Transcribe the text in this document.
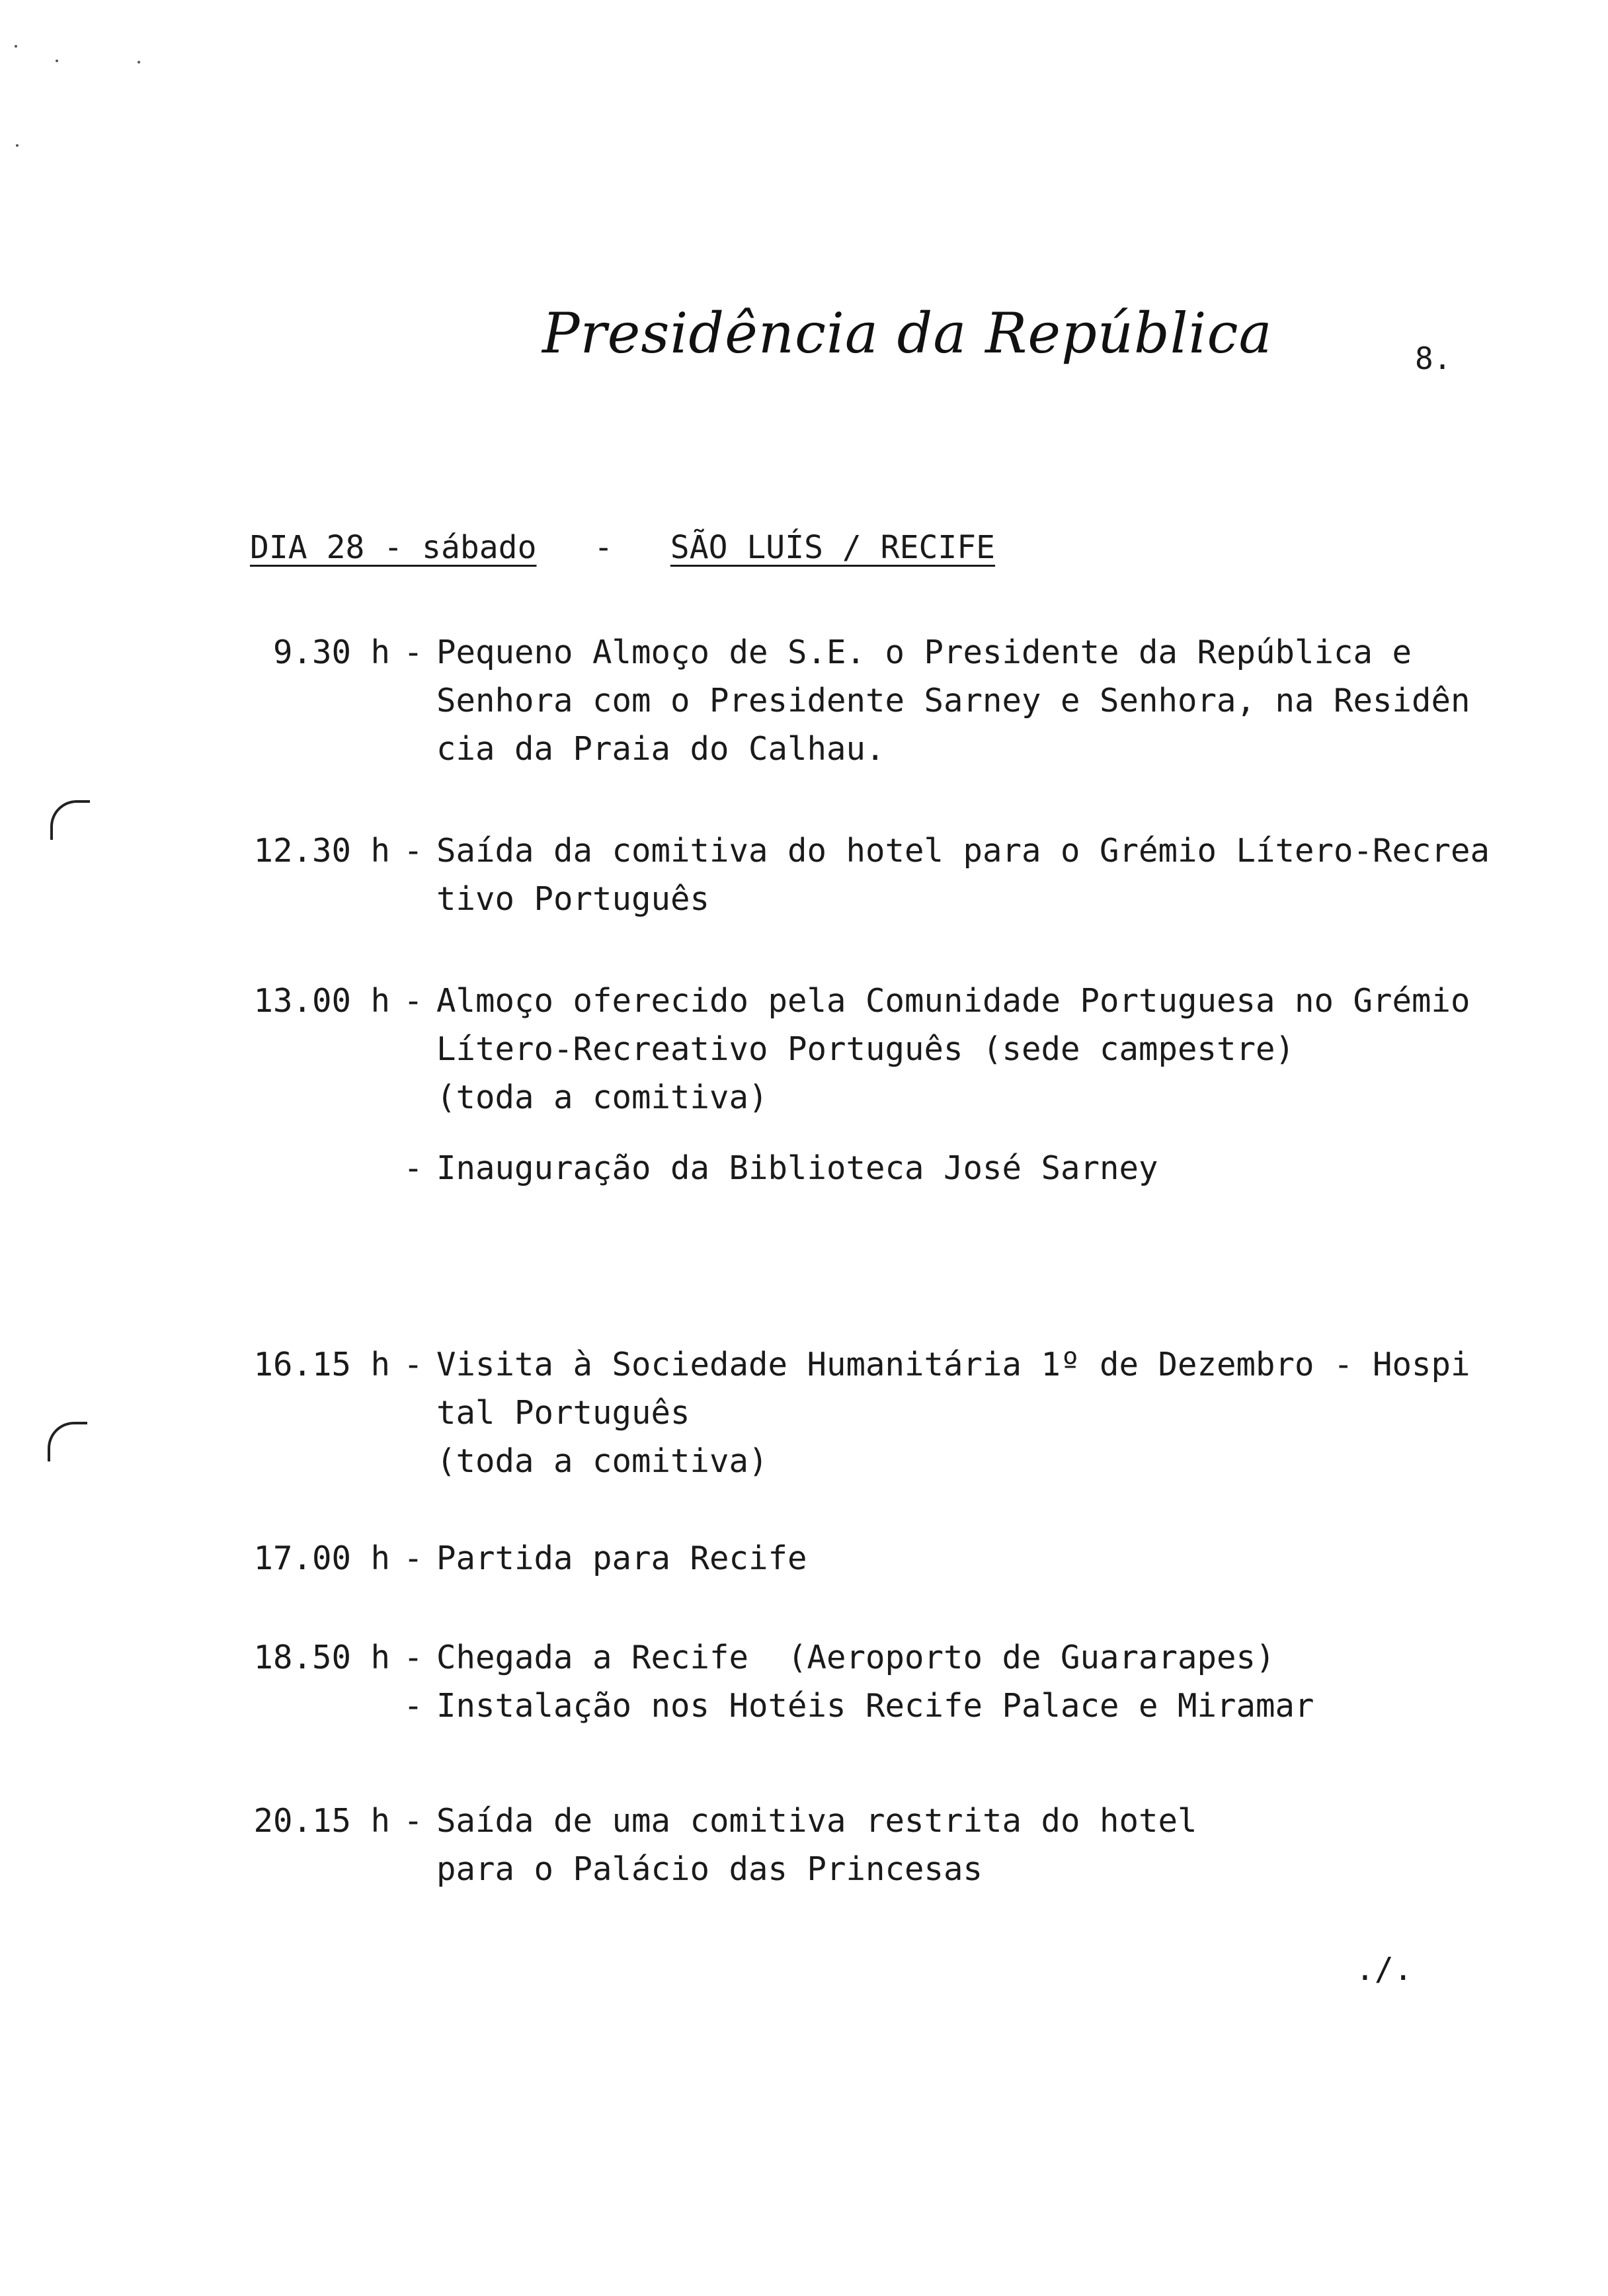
Presidência da República	8.
DIA 28 - sábado - SÃO LUÍS / RECIFE
9.30 h - Pequeno Almoço de S.E. o Presidente da República e
Senhora com o Presidente Sarney e Senhora, na Residên
cia da Praia do Calhau.
12.30 h - Saída da comitiva do hotel para o Grémio Lítero-Recrea
tivo Português
13.00 h - Almoço oferecido pela Comunidade Portuguesa no Grémio
Lítero-Recreativo Português (sede campestre)
(toda a comitiva)
- Inauguração da Biblioteca José Sarney
16.15 h - Visita à Sociedade Humanitária 1º de Dezembro - Hospi
tal Português
(toda a comitiva)
17.00 h - Partida para Recife
18.50 h - Chegada a Recife  (Aeroporto de Guararapes)
- Instalação nos Hotéis Recife Palace e Miramar
20.15 h - Saída de uma comitiva restrita do hotel
para o Palácio das Princesas
./.
